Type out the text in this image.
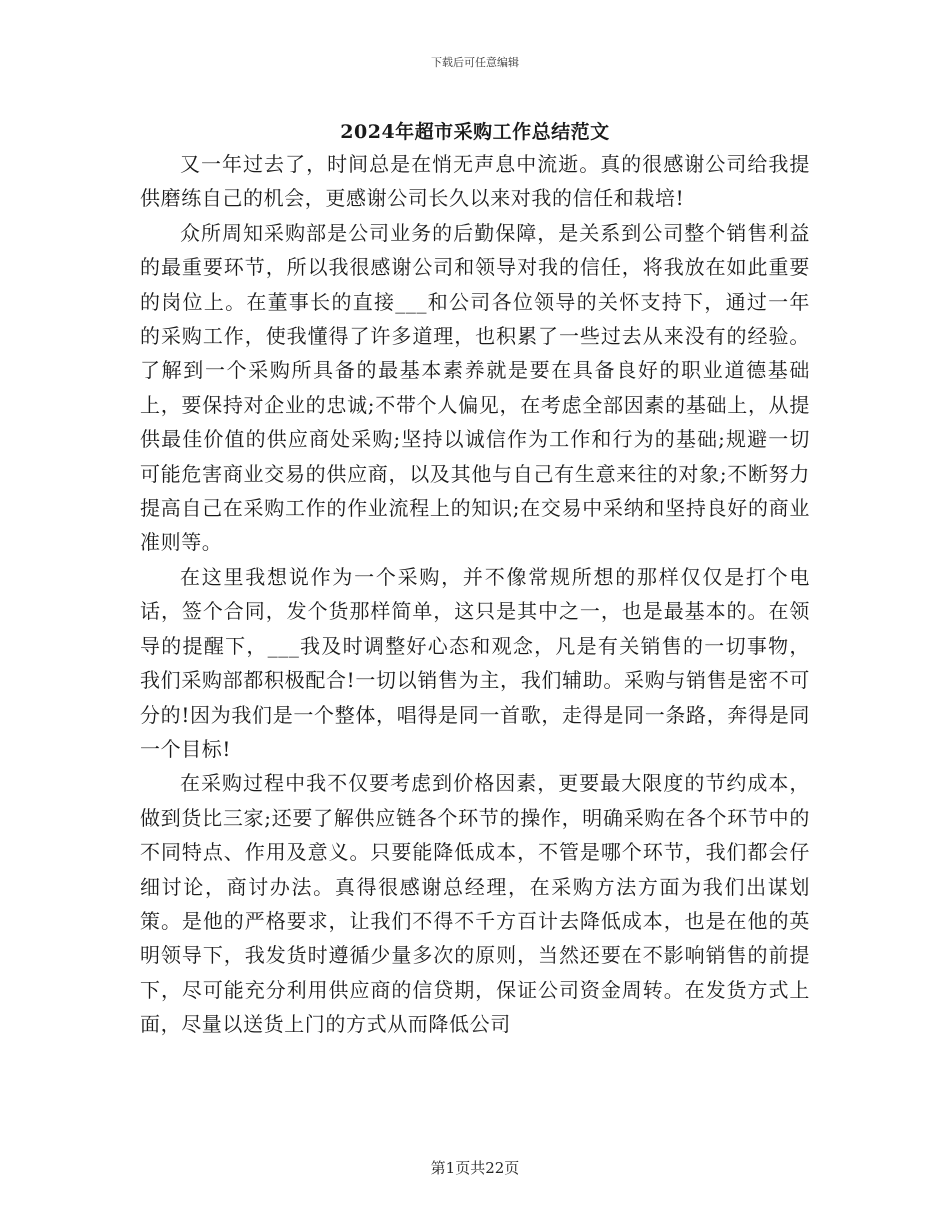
下载后可任意编辑
2024年超市采购工作总结范文

又一年过去了，时间总是在悄无声息中流逝。真的很感谢公司给我提供磨练自己的机会，更感谢公司长久以来对我的信任和栽培!

众所周知采购部是公司业务的后勤保障，是关系到公司整个销售利益的最重要环节，所以我很感谢公司和领导对我的信任，将我放在如此重要的岗位上。在董事长的直接___和公司各位领导的关怀支持下，通过一年的采购工作，使我懂得了许多道理，也积累了一些过去从来没有的经验。了解到一个采购所具备的最基本素养就是要在具备良好的职业道德基础上，要保持对企业的忠诚;不带个人偏见，在考虑全部因素的基础上，从提供最佳价值的供应商处采购;坚持以诚信作为工作和行为的基础;规避一切可能危害商业交易的供应商，以及其他与自己有生意来往的对象;不断努力提高自己在采购工作的作业流程上的知识;在交易中采纳和坚持良好的商业准则等。

在这里我想说作为一个采购，并不像常规所想的那样仅仅是打个电话，签个合同，发个货那样简单，这只是其中之一，也是最基本的。在领导的提醒下，___我及时调整好心态和观念，凡是有关销售的一切事物，我们采购部都积极配合!一切以销售为主，我们辅助。采购与销售是密不可分的!因为我们是一个整体，唱得是同一首歌，走得是同一条路，奔得是同一个目标!

在采购过程中我不仅要考虑到价格因素，更要最大限度的节约成本，做到货比三家;还要了解供应链各个环节的操作，明确采购在各个环节中的不同特点、作用及意义。只要能降低成本，不管是哪个环节，我们都会仔细讨论，商讨办法。真得很感谢总经理，在采购方法方面为我们出谋划策。是他的严格要求，让我们不得不千方百计去降低成本，也是在他的英明领导下，我发货时遵循少量多次的原则，当然还要在不影响销售的前提下，尽可能充分利用供应商的信贷期，保证公司资金周转。在发货方式上面，尽量以送货上门的方式从而降低公司

第1页共22页
